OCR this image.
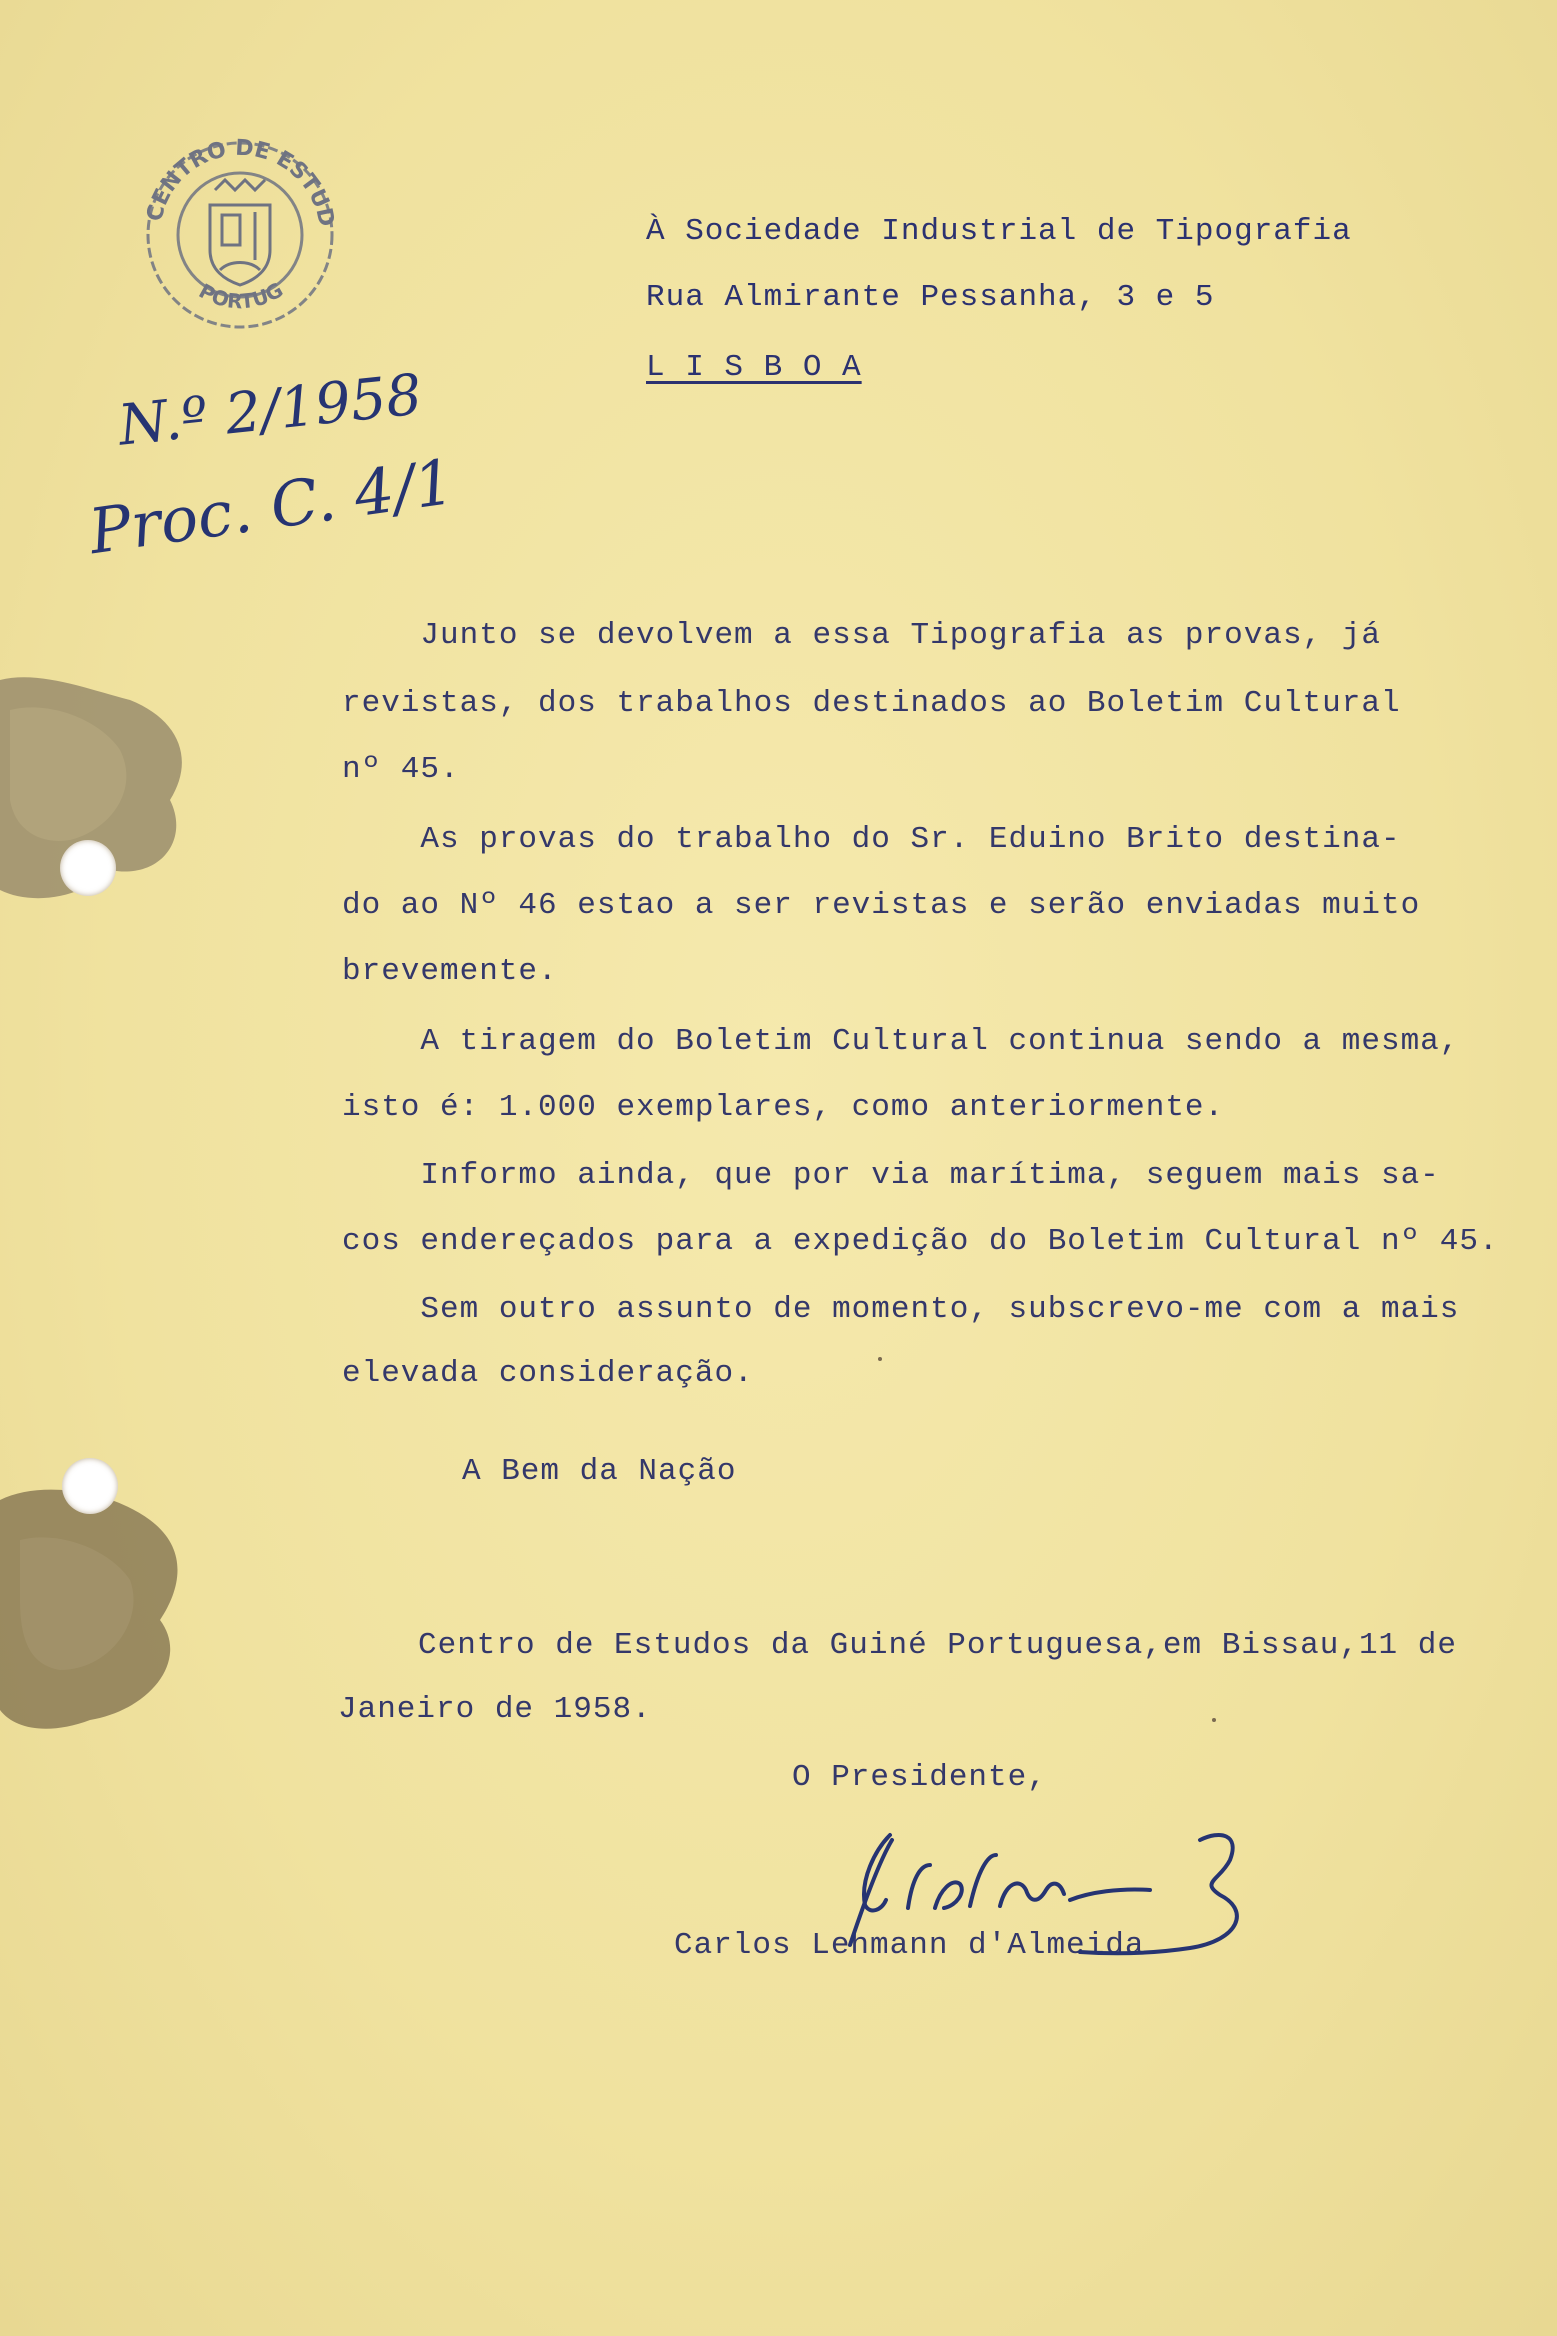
CENTRO DE ESTUDOS
PORTUG
N.º 2/1958
Proc. C. 4/1
À Sociedade Industrial de Tipografia
Rua Almirante Pessanha, 3 e 5
L I S B O A
Junto se devolvem a essa Tipografia as provas, já
revistas, dos trabalhos destinados ao Boletim Cultural
nº 45.
As provas do trabalho do Sr. Eduino Brito destina-
do ao Nº 46 estao a ser revistas e serão enviadas muito
brevemente.
A tiragem do Boletim Cultural continua sendo a mesma,
isto é: 1.000 exemplares, como anteriormente.
Informo ainda, que por via marítima, seguem mais sa-
cos endereçados para a expedição do Boletim Cultural nº 45.
Sem outro assunto de momento, subscrevo-me com a mais
elevada consideração.
A Bem da Nação
Centro de Estudos da Guiné Portuguesa,em Bissau,11 de
Janeiro de 1958.
O Presidente,
Carlos Lehmann d'Almeida
